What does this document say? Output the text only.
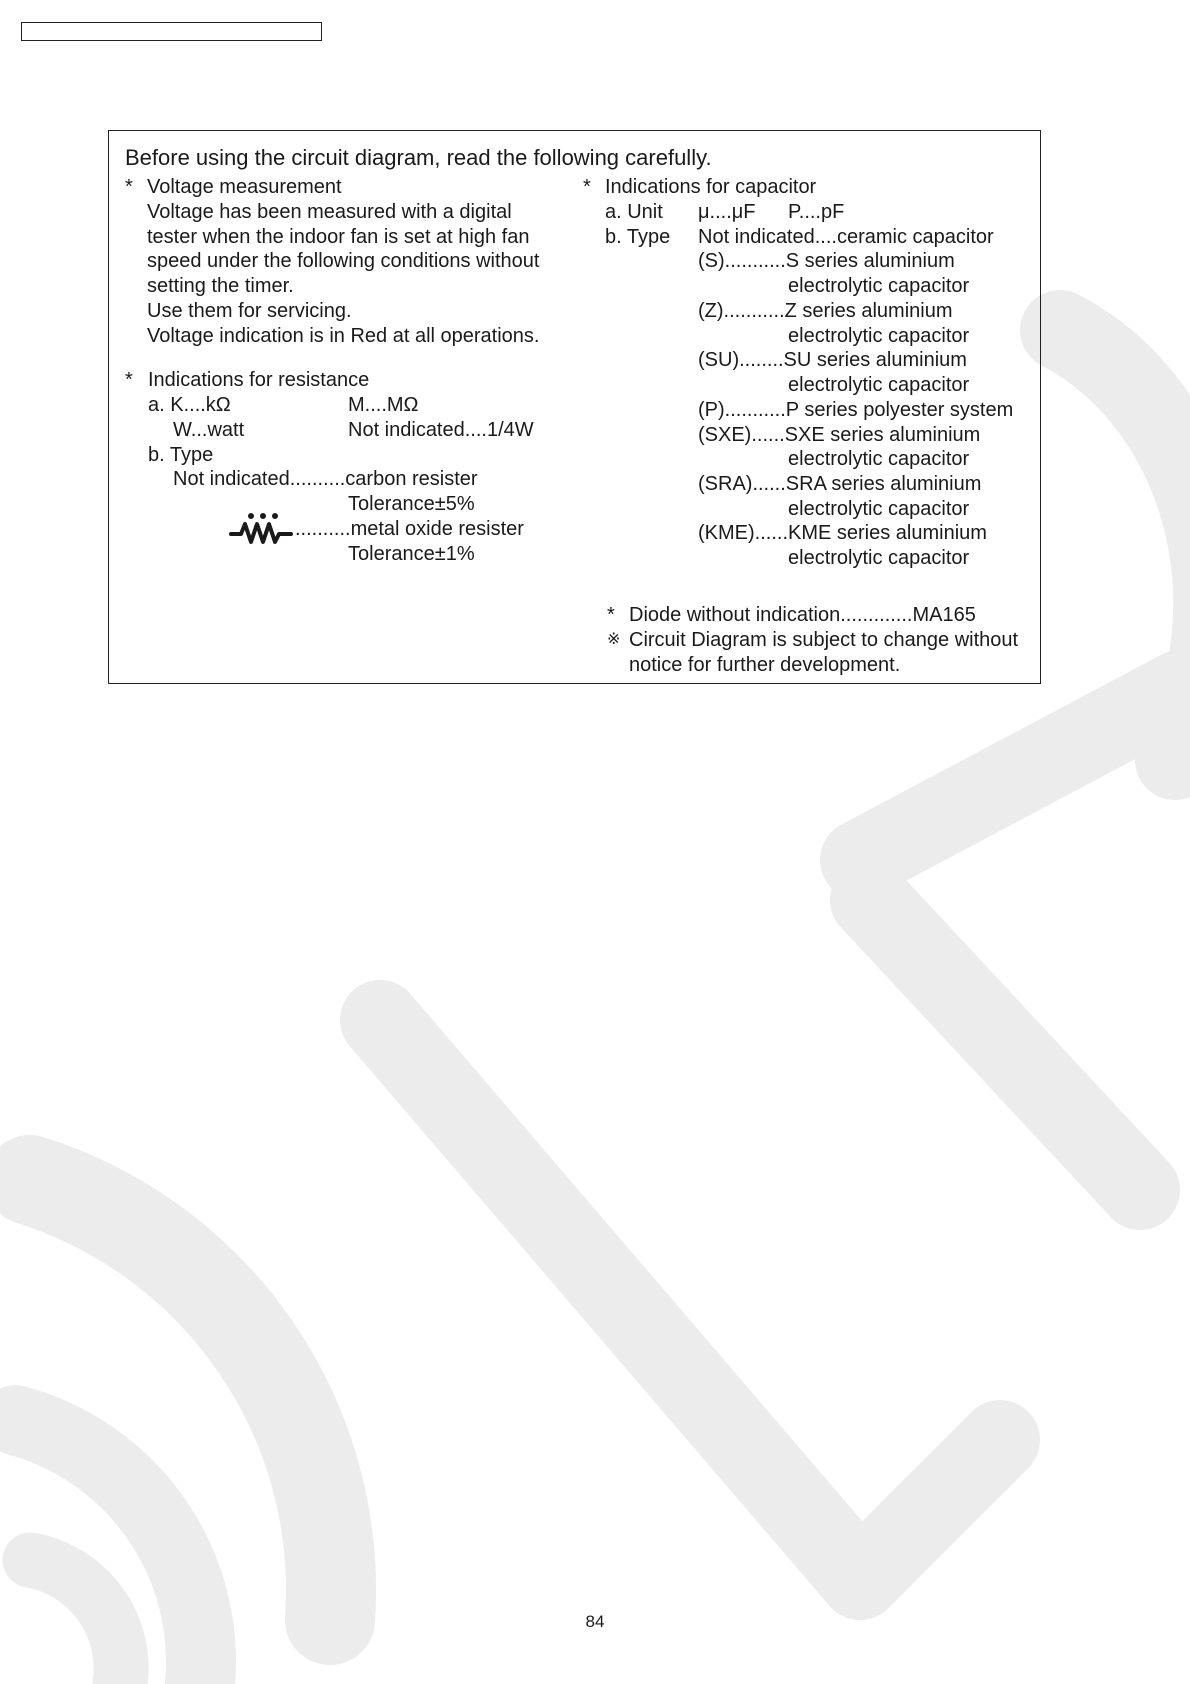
Before using the circuit diagram, read the following carefully.
* Voltage measurement
Voltage has been measured with a digital
tester when the indoor fan is set at high fan
speed under the following conditions without
setting the timer.
Use them for servicing.
Voltage indication is in Red at all operations.
* Indications for resistance
a. K....kΩ	M....MΩ
W...watt	Not indicated....1/4W
b. Type
Not indicated..........carbon resister
Tolerance±5%
..........metal oxide resister
Tolerance±1%
* Indications for capacitor
a. Unit μ....μF P....pF
b. Type Not indicated....ceramic capacitor
(S)...........S series aluminium
electrolytic capacitor
(Z)...........Z series aluminium
electrolytic capacitor
(SU)........SU series aluminium
electrolytic capacitor
(P)...........P series polyester system
(SXE)......SXE series aluminium
electrolytic capacitor
(SRA)......SRA series aluminium
electrolytic capacitor
(KME)......KME series aluminium
electrolytic capacitor
* Diode without indication.............MA165
※ Circuit Diagram is subject to change without
notice for further development.
84
